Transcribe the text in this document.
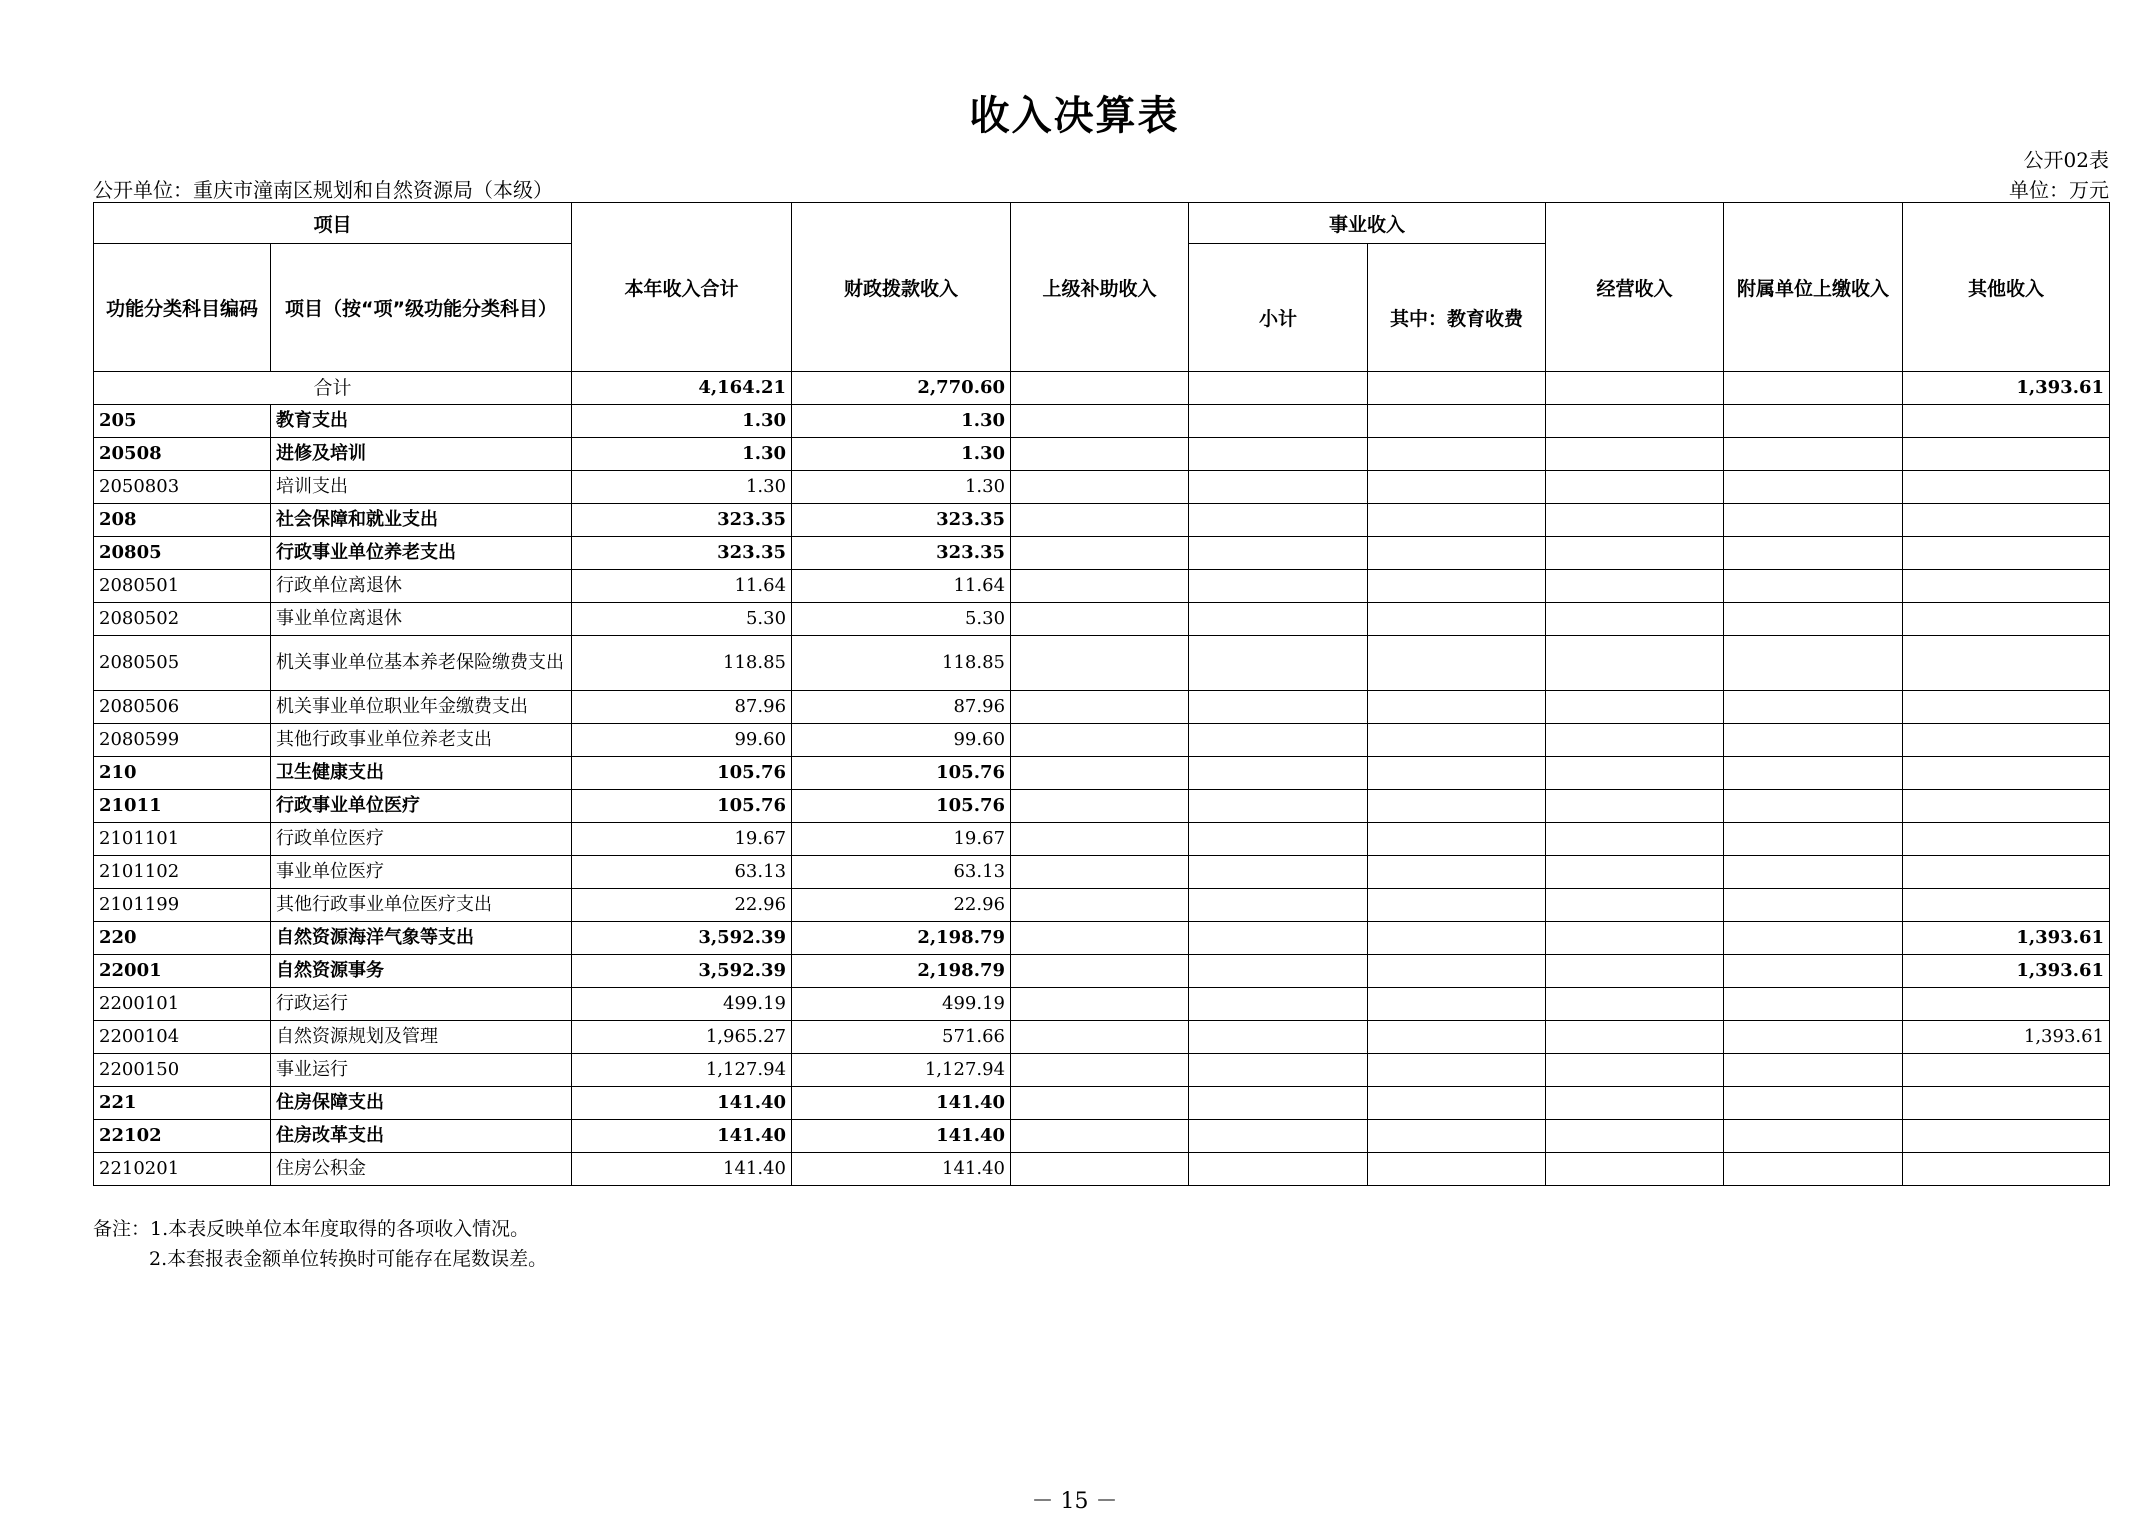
收入决算表
公开02表
公开单位：重庆市潼南区规划和自然资源局（本级）	单位：万元
项目		本年收入合计	财政拨款收入	上级补助收入	事业收入		经营收入	附属单位上缴收入	其他收入
功能分类科目编码	项目（按“项”级功能分类科目）				小计	其中：教育收费			
合计		4,164.21	2,770.60						1,393.61
205	教育支出	1.30	1.30						
20508	进修及培训	1.30	1.30						
2050803	培训支出	1.30	1.30						
208	社会保障和就业支出	323.35	323.35						
20805	行政事业单位养老支出	323.35	323.35						
2080501	行政单位离退休	11.64	11.64						
2080502	事业单位离退休	5.30	5.30						
2080505	机关事业单位基本养老保险缴费支出	118.85	118.85						
2080506	机关事业单位职业年金缴费支出	87.96	87.96						
2080599	其他行政事业单位养老支出	99.60	99.60						
210	卫生健康支出	105.76	105.76						
21011	行政事业单位医疗	105.76	105.76						
2101101	行政单位医疗	19.67	19.67						
2101102	事业单位医疗	63.13	63.13						
2101199	其他行政事业单位医疗支出	22.96	22.96						
220	自然资源海洋气象等支出	3,592.39	2,198.79						1,393.61
22001	自然资源事务	3,592.39	2,198.79						1,393.61
2200101	行政运行	499.19	499.19						
2200104	自然资源规划及管理	1,965.27	571.66						1,393.61
2200150	事业运行	1,127.94	1,127.94						
221	住房保障支出	141.40	141.40						
22102	住房改革支出	141.40	141.40						
2210201	住房公积金	141.40	141.40						
备注：1.本表反映单位本年度取得的各项收入情况。
2.本套报表金额单位转换时可能存在尾数误差。
－ 15 －
